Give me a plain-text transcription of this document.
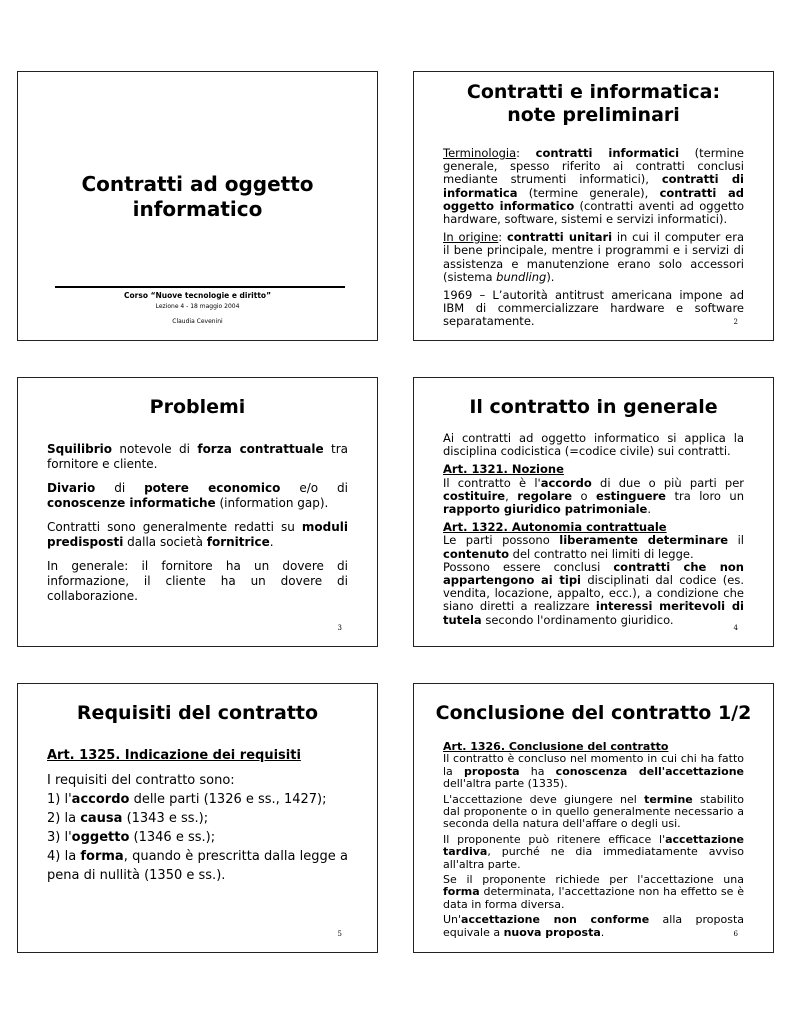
Contratti ad oggetto
informatico
Corso “Nuove tecnologie e diritto”
Lezione 4 - 18 maggio 2004
Claudia Cevenini
Contratti e informatica:
note preliminari

Terminologia: contratti informatici (termine generale, spesso riferito ai contratti conclusi mediante strumenti informatici), contratti di informatica (termine generale), contratti ad oggetto informatico (contratti aventi ad oggetto hardware, software, sistemi e servizi informatici).

In origine: contratti unitari in cui il computer era il bene principale, mentre i programmi e i servizi di assistenza e manutenzione erano solo accessori (sistema bundling).

1969 – L’autorità antitrust americana impone ad IBM di commercializzare hardware e software separatamente.	2
Problemi

Squilibrio notevole di forza contrattuale tra fornitore e cliente.

Divario di potere economico e/o di conoscenze informatiche (information gap).

Contratti sono generalmente redatti su moduli predisposti dalla società fornitrice.

In generale: il fornitore ha un dovere di informazione, il cliente ha un dovere di collaborazione.

3
Il contratto in generale

Ai contratti ad oggetto informatico si applica la disciplina codicistica (=codice civile) sui contratti.

Art. 1321. Nozione

Il contratto è l'accordo di due o più parti per costituire, regolare o estinguere tra loro un rapporto giuridico patrimoniale.

Art. 1322. Autonomia contrattuale

Le parti possono liberamente determinare il contenuto del contratto nei limiti di legge.
Possono essere conclusi contratti che non appartengono ai tipi disciplinati dal codice (es. vendita, locazione, appalto, ecc.), a condizione che siano diretti a realizzare interessi meritevoli di tutela secondo l'ordinamento giuridico.

4
Requisiti del contratto

Art. 1325. Indicazione dei requisiti

I requisiti del contratto sono:

1) l'accordo delle parti (1326 e ss., 1427);

2) la causa (1343 e ss.);

3) l'oggetto (1346 e ss.);

4) la forma, quando è prescritta dalla legge a pena di nullità (1350 e ss.).

5
Conclusione del contratto 1/2

Art. 1326. Conclusione del contratto

Il contratto è concluso nel momento in cui chi ha fatto la proposta ha conoscenza dell'accettazione dell'altra parte (1335).

L'accettazione deve giungere nel termine stabilito dal proponente o in quello generalmente necessario a seconda della natura dell'affare o degli usi.

Il proponente può ritenere efficace l'accettazione tardiva, purché ne dia immediatamente avviso all'altra parte.

Se il proponente richiede per l'accettazione una forma determinata, l'accettazione non ha effetto se è data in forma diversa.

Un'accettazione non conforme alla proposta equivale a nuova proposta.	6
